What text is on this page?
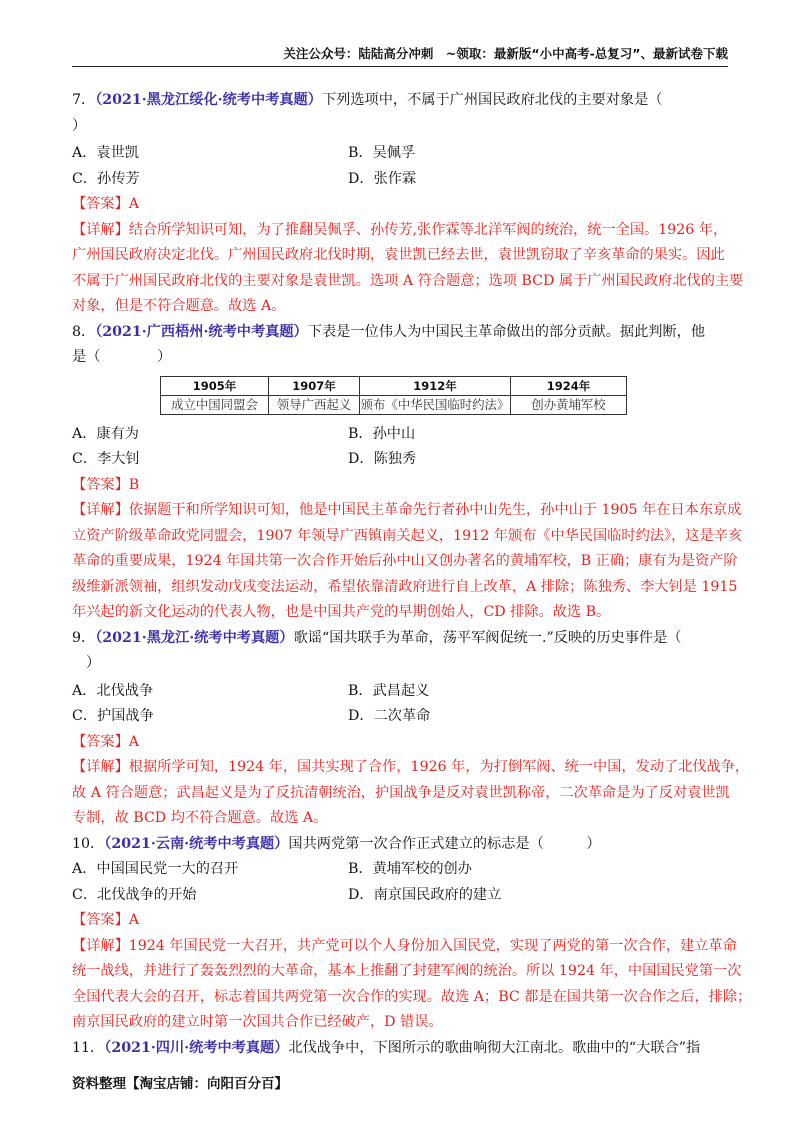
关注公众号：陆陆高分冲刺　~领取：最新版“小中高考-总复习”、最新试卷下载
7．（2021·黑龙江绥化·统考中考真题）下列选项中，不属于广州国民政府北伐的主要对象是（
）
A．袁世凯	B．吴佩孚
C．孙传芳	D．张作霖
【答案】A
【详解】结合所学知识可知，为了推翻吴佩孚、孙传芳,张作霖等北洋军阀的统治，统一全国。1926 年，
广州国民政府决定北伐。广州国民政府北伐时期，袁世凯已经去世，袁世凯窃取了辛亥革命的果实。因此
不属于广州国民政府北伐的主要对象是袁世凯。选项 A 符合题意；选项 BCD 属于广州国民政府北伐的主要
对象，但是不符合题意。故选 A。
8．（2021·广西梧州·统考中考真题）下表是一位伟人为中国民主革命做出的部分贡献。据此判断，他
是（　　　　）
1905年	1907年	1912年	1924年
成立中国同盟会	领导广西起义	颁布《中华民国临时约法》	创办黄埔军校
A．康有为	B．孙中山
C．李大钊	D．陈独秀
【答案】B
【详解】依据题干和所学知识可知，他是中国民主革命先行者孙中山先生，孙中山于 1905 年在日本东京成
立资产阶级革命政党同盟会，1907 年领导广西镇南关起义，1912 年颁布《中华民国临时约法》，这是辛亥
革命的重要成果，1924 年国共第一次合作开始后孙中山又创办著名的黄埔军校，B 正确；康有为是资产阶
级维新派领袖，组织发动戊戌变法运动，希望依靠清政府进行自上改革，A 排除；陈独秀、李大钊是 1915
年兴起的新文化运动的代表人物，也是中国共产党的早期创始人，CD 排除。故选 B。
9．（2021·黑龙江·统考中考真题）歌谣“国共联手为革命，荡平军阀促统一.”反映的历史事件是（
）
A．北伐战争	B．武昌起义
C．护国战争	D．二次革命
【答案】A
【详解】根据所学可知，1924 年，国共实现了合作，1926 年，为打倒军阀、统一中国，发动了北伐战争，
故 A 符合题意；武昌起义是为了反抗清朝统治，护国战争是反对袁世凯称帝，二次革命是为了反对袁世凯
专制，故 BCD 均不符合题意。故选 A。
10．（2021·云南·统考中考真题）国共两党第一次合作正式建立的标志是（　　　）
A．中国国民党一大的召开	B．黄埔军校的创办
C．北伐战争的开始	D．南京国民政府的建立
【答案】A
【详解】1924 年国民党一大召开，共产党可以个人身份加入国民党，实现了两党的第一次合作，建立革命
统一战线，并进行了轰轰烈烈的大革命，基本上推翻了封建军阀的统治。所以 1924 年，中国国民党第一次
全国代表大会的召开，标志着国共两党第一次合作的实现。故选 A；BC 都是在国共第一次合作之后，排除；
南京国民政府的建立时第一次国共合作已经破产，D 错误。
11．（2021·四川·统考中考真题）北伐战争中，下图所示的歌曲响彻大江南北。歌曲中的“大联合”指
资料整理【淘宝店铺：向阳百分百】
